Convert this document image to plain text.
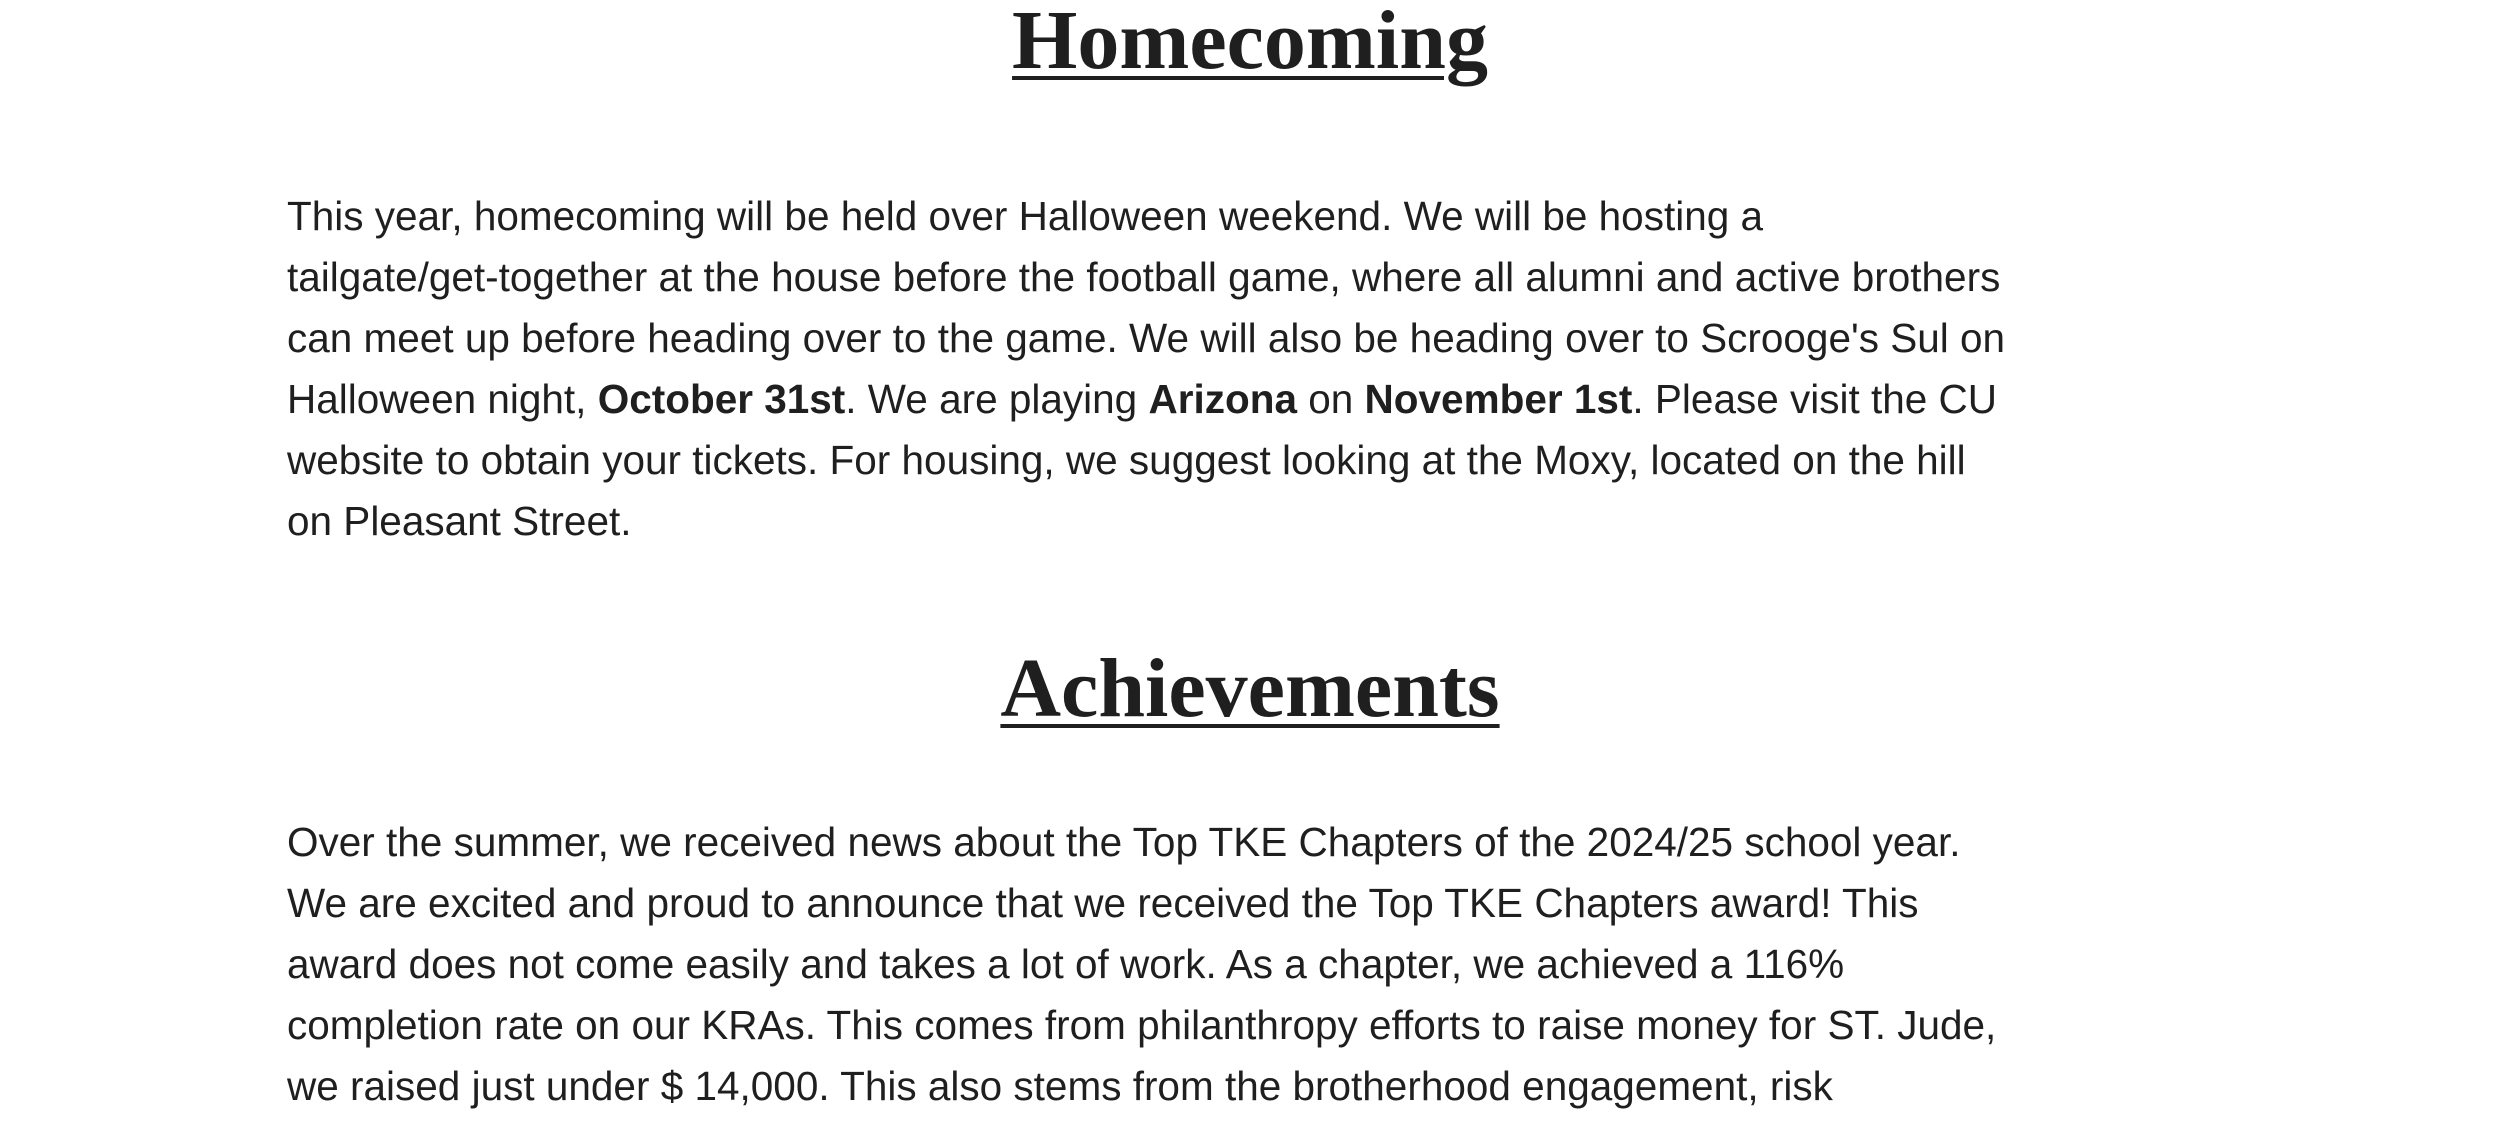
Homecoming

This year, homecoming will be held over Halloween weekend. We will be hosting a
tailgate/get-together at the house before the football game, where all alumni and active brothers
can meet up before heading over to the game. We will also be heading over to Scrooge's Sul on
Halloween night, October 31st. We are playing Arizona on November 1st. Please visit the CU
website to obtain your tickets. For housing, we suggest looking at the Moxy, located on the hill
on Pleasant Street.

Achievements

Over the summer, we received news about the Top TKE Chapters of the 2024/25 school year.
We are excited and proud to announce that we received the Top TKE Chapters award! This
award does not come easily and takes a lot of work. As a chapter, we achieved a 116%
completion rate on our KRAs. This comes from philanthropy efforts to raise money for ST. Jude,
we raised just under $ 14,000. This also stems from the brotherhood engagement, risk
